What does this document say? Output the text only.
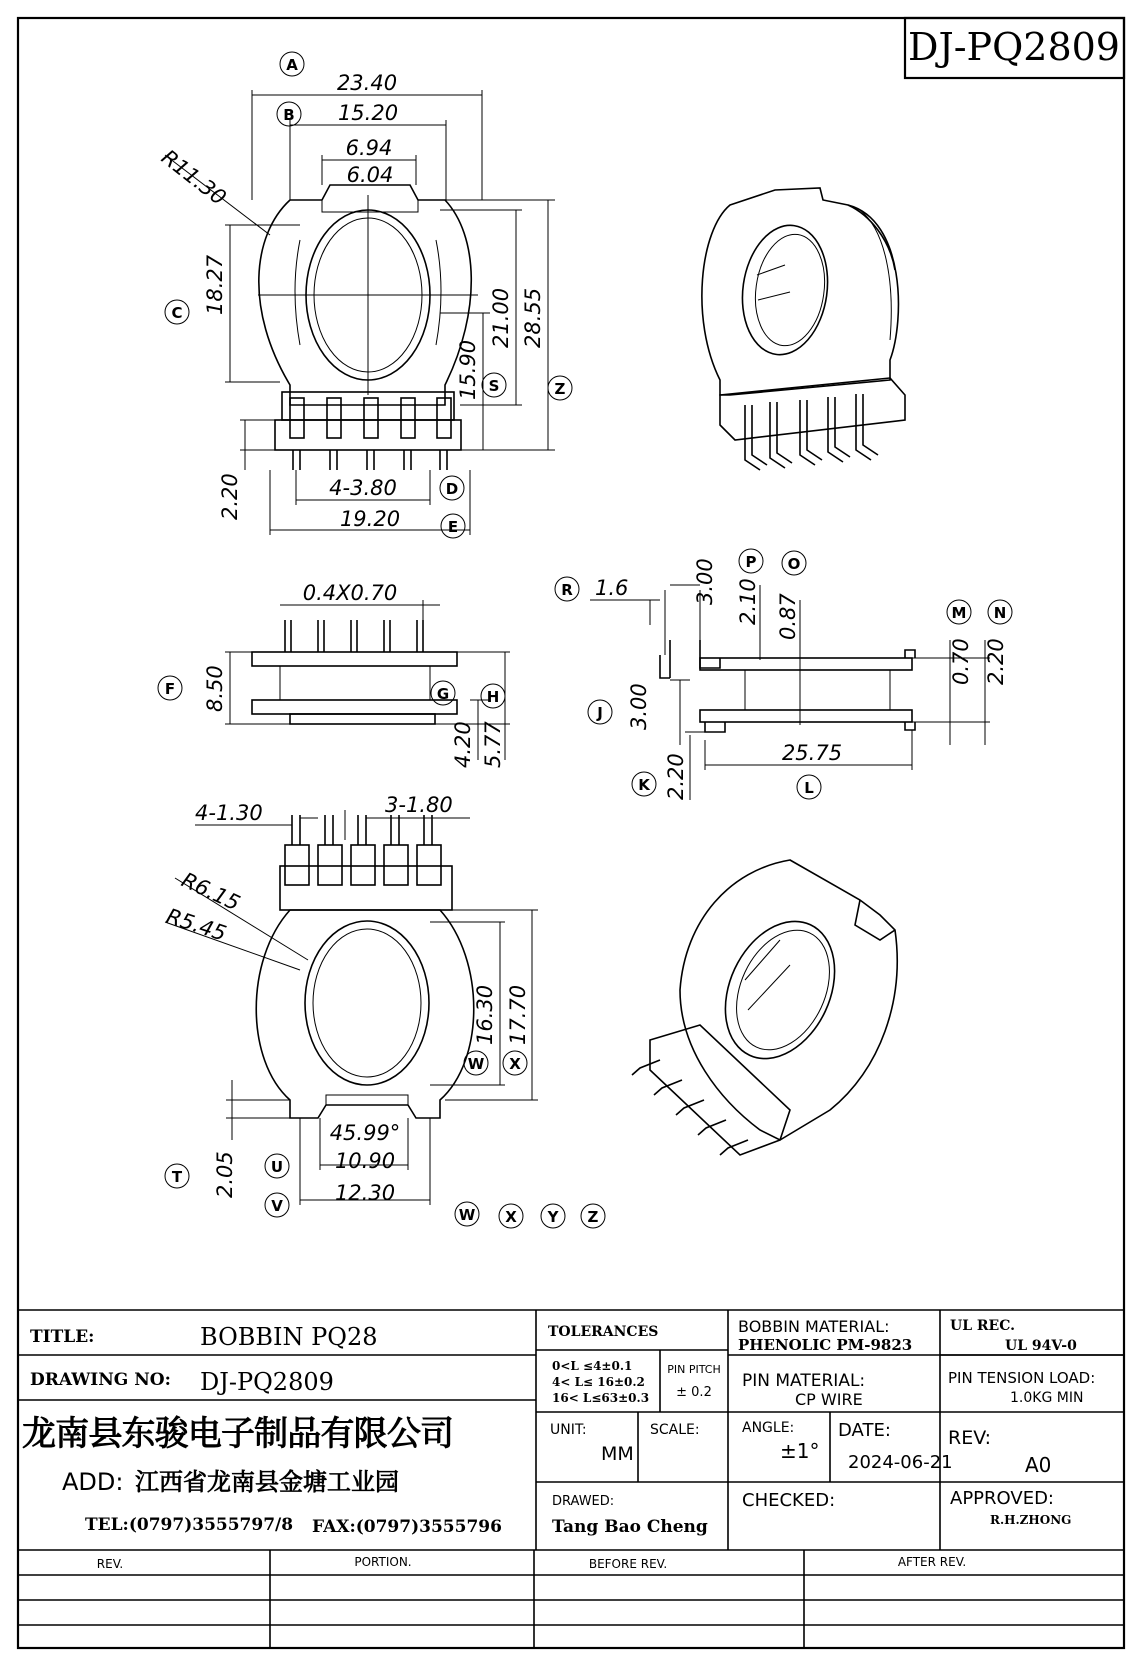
DJ-PQ2809
23.40
15.20
6.94
6.04
R11.30
18.27
15.90
21.00 28.55
2.20	4-3.80
19.20
A
B
C
S	Z
D
E
0.4X0.70
8.50
4.20 5.77
F	G	H
1.6	3.00 2.10 0.87
0.70 2.20
3.00
2.20
25.75
R
P O
M N
J
K	L
4-1.30	3-1.80
R6.15
R5.45
16.30 17.70
2.05
45.99°
10.90
12.30
W X
T
U
V	W X Y Z
TITLE:	BOBBIN PQ28
DRAWING NO: DJ-PQ2809
龙南县东骏电子制品有限公司
ADD: 江西省龙南县金塘工业园
TEL:(0797)3555797/8 FAX:(0797)3555796
TOLERANCES
0<L ≤4±0.1
4< L≤ 16±0.2
16< L≤63±0.3
PIN PITCH
± 0.2
BOBBIN MATERIAL:
PHENOLIC PM-9823
UL REC.
UL 94V-0
PIN MATERIAL:
CP WIRE
PIN TENSION LOAD:
1.0KG MIN
UNIT:
MM
SCALE:	ANGLE:
±1°
DATE:
2024-06-21
REV:
A0
DRAWED:
Tang Bao Cheng
CHECKED:	APPROVED:
R.H.ZHONG
REV.	PORTION.	BEFORE REV.	AFTER REV.
